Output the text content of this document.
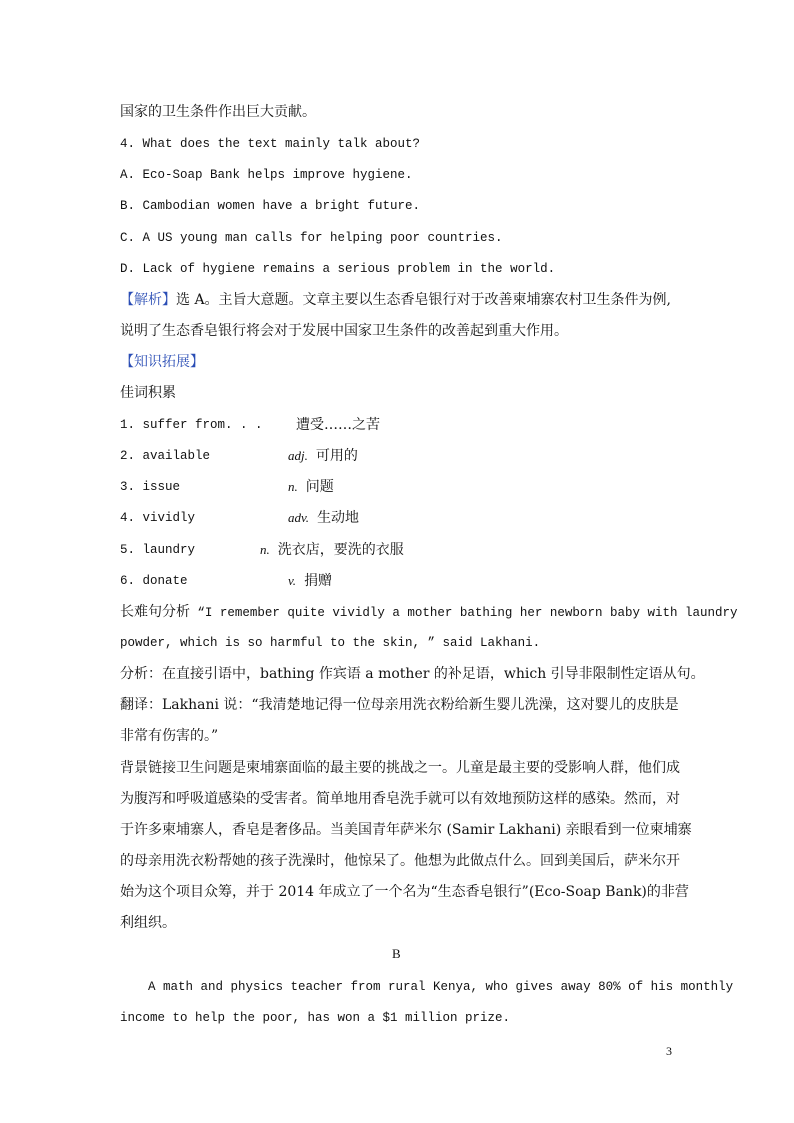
国家的卫生条件作出巨大贡献。
4. What does the text mainly talk about?
A. Eco-Soap Bank helps improve hygiene.
B. Cambodian women have a bright future.
C. A US young man calls for helping poor countries.
D. Lack of hygiene remains a serious problem in the world.
【解析】选 A。主旨大意题。文章主要以生态香皂银行对于改善柬埔寨农村卫生条件为例,
说明了生态香皂银行将会对于发展中国家卫生条件的改善起到重大作用。
【知识拓展】
佳词积累
1. suffer from. . .	遭受……之苦
2. available	adj. 可用的
3. issue	n. 问题
4. vividly	adv. 生动地
5. laundry	n. 洗衣店，要洗的衣服
6. donate	v. 捐赠
长难句分析 “I remember quite vividly a mother bathing her newborn baby with laundry
powder, which is so harmful to the skin, ” said Lakhani.
分析：在直接引语中，bathing 作宾语 a mother 的补足语，which 引导非限制性定语从句。
翻译：Lakhani 说：“我清楚地记得一位母亲用洗衣粉给新生婴儿洗澡，这对婴儿的皮肤是
非常有伤害的。”
背景链接卫生问题是柬埔寨面临的最主要的挑战之一。儿童是最主要的受影响人群，他们成
为腹泻和呼吸道感染的受害者。简单地用香皂洗手就可以有效地预防这样的感染。然而，对
于许多柬埔寨人，香皂是奢侈品。当美国青年萨米尔 (Samir Lakhani) 亲眼看到一位柬埔寨
的母亲用洗衣粉帮她的孩子洗澡时，他惊呆了。他想为此做点什么。回到美国后，萨米尔开
始为这个项目众筹，并于 2014 年成立了一个名为“生态香皂银行”(Eco-Soap Bank)的非营
利组织。
B
A math and physics teacher from rural Kenya, who gives away 80% of his monthly
income to help the poor, has won a $1 million prize.
3
